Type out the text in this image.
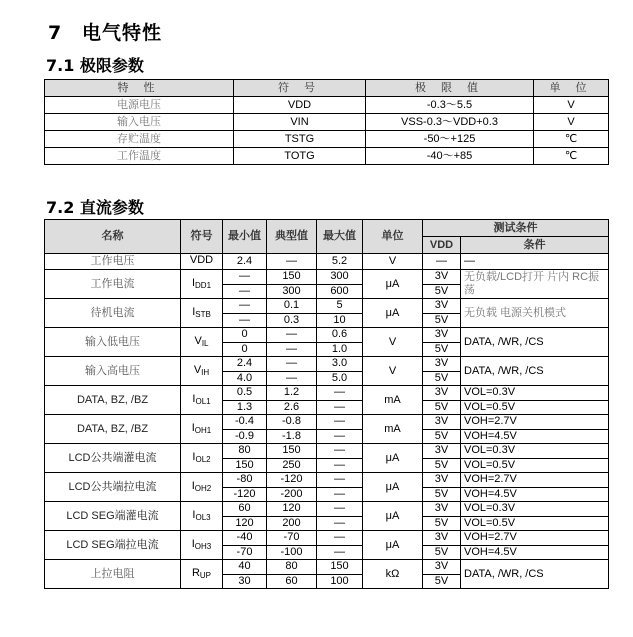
7 电气特性
7.1 极限参数
特 性	符 号	极 限 值	单 位
电源电压	VDD	-0.3～5.5	V
输入电压	VIN	VSS-0.3～VDD+0.3	V
存贮温度	TSTG	-50～+125	℃
工作温度	TOTG	-40～+85	℃
7.2 直流参数
名称	符号	最小值	典型值	最大值	单位	测试条件	
						VDD	条件
工作电压	VDD	2.4	—	5.2	V	—	—
工作电流	$I_{DD1}$	—	150	300	μA	3V	无负载/LCD打开 片内 RC振荡
		—	300	600		5V	
待机电流	$I_{STB}$	—	0.1	5	μA	3V	无负载 电源关机模式
		—	0.3	10		5V	
输入低电压	$V_{IL}$	0	—	0.6	V	3V	DATA, /WR, /CS
		0	—	1.0		5V	
输入高电压	$V_{IH}$	2.4	—	3.0	V	3V	DATA, /WR, /CS
		4.0	—	5.0		5V	
DATA, BZ, /BZ	$I_{OL1}$	0.5	1.2	—	mA	3V	VOL=0.3V
		1.3	2.6	—		5V	VOL=0.5V
DATA, BZ, /BZ	$I_{OH1}$	-0.4	-0.8	—	mA	3V	VOH=2.7V
		-0.9	-1.8	—		5V	VOH=4.5V
LCD公共端灌电流	$I_{OL2}$	80	150	—	μA	3V	VOL=0.3V
		150	250	—		5V	VOL=0.5V
LCD公共端拉电流	$I_{OH2}$	-80	-120	—	μA	3V	VOH=2.7V
		-120	-200	—		5V	VOH=4.5V
LCD SEG端灌电流	$I_{OL3}$	60	120	—	μA	3V	VOL=0.3V
		120	200	—		5V	VOL=0.5V
LCD SEG端拉电流	$I_{OH3}$	-40	-70	—	μA	3V	VOH=2.7V
		-70	-100	—		5V	VOH=4.5V
上拉电阻	$R_{UP}$	40	80	150	kΩ	3V	DATA, /WR, /CS
		30	60	100		5V	
